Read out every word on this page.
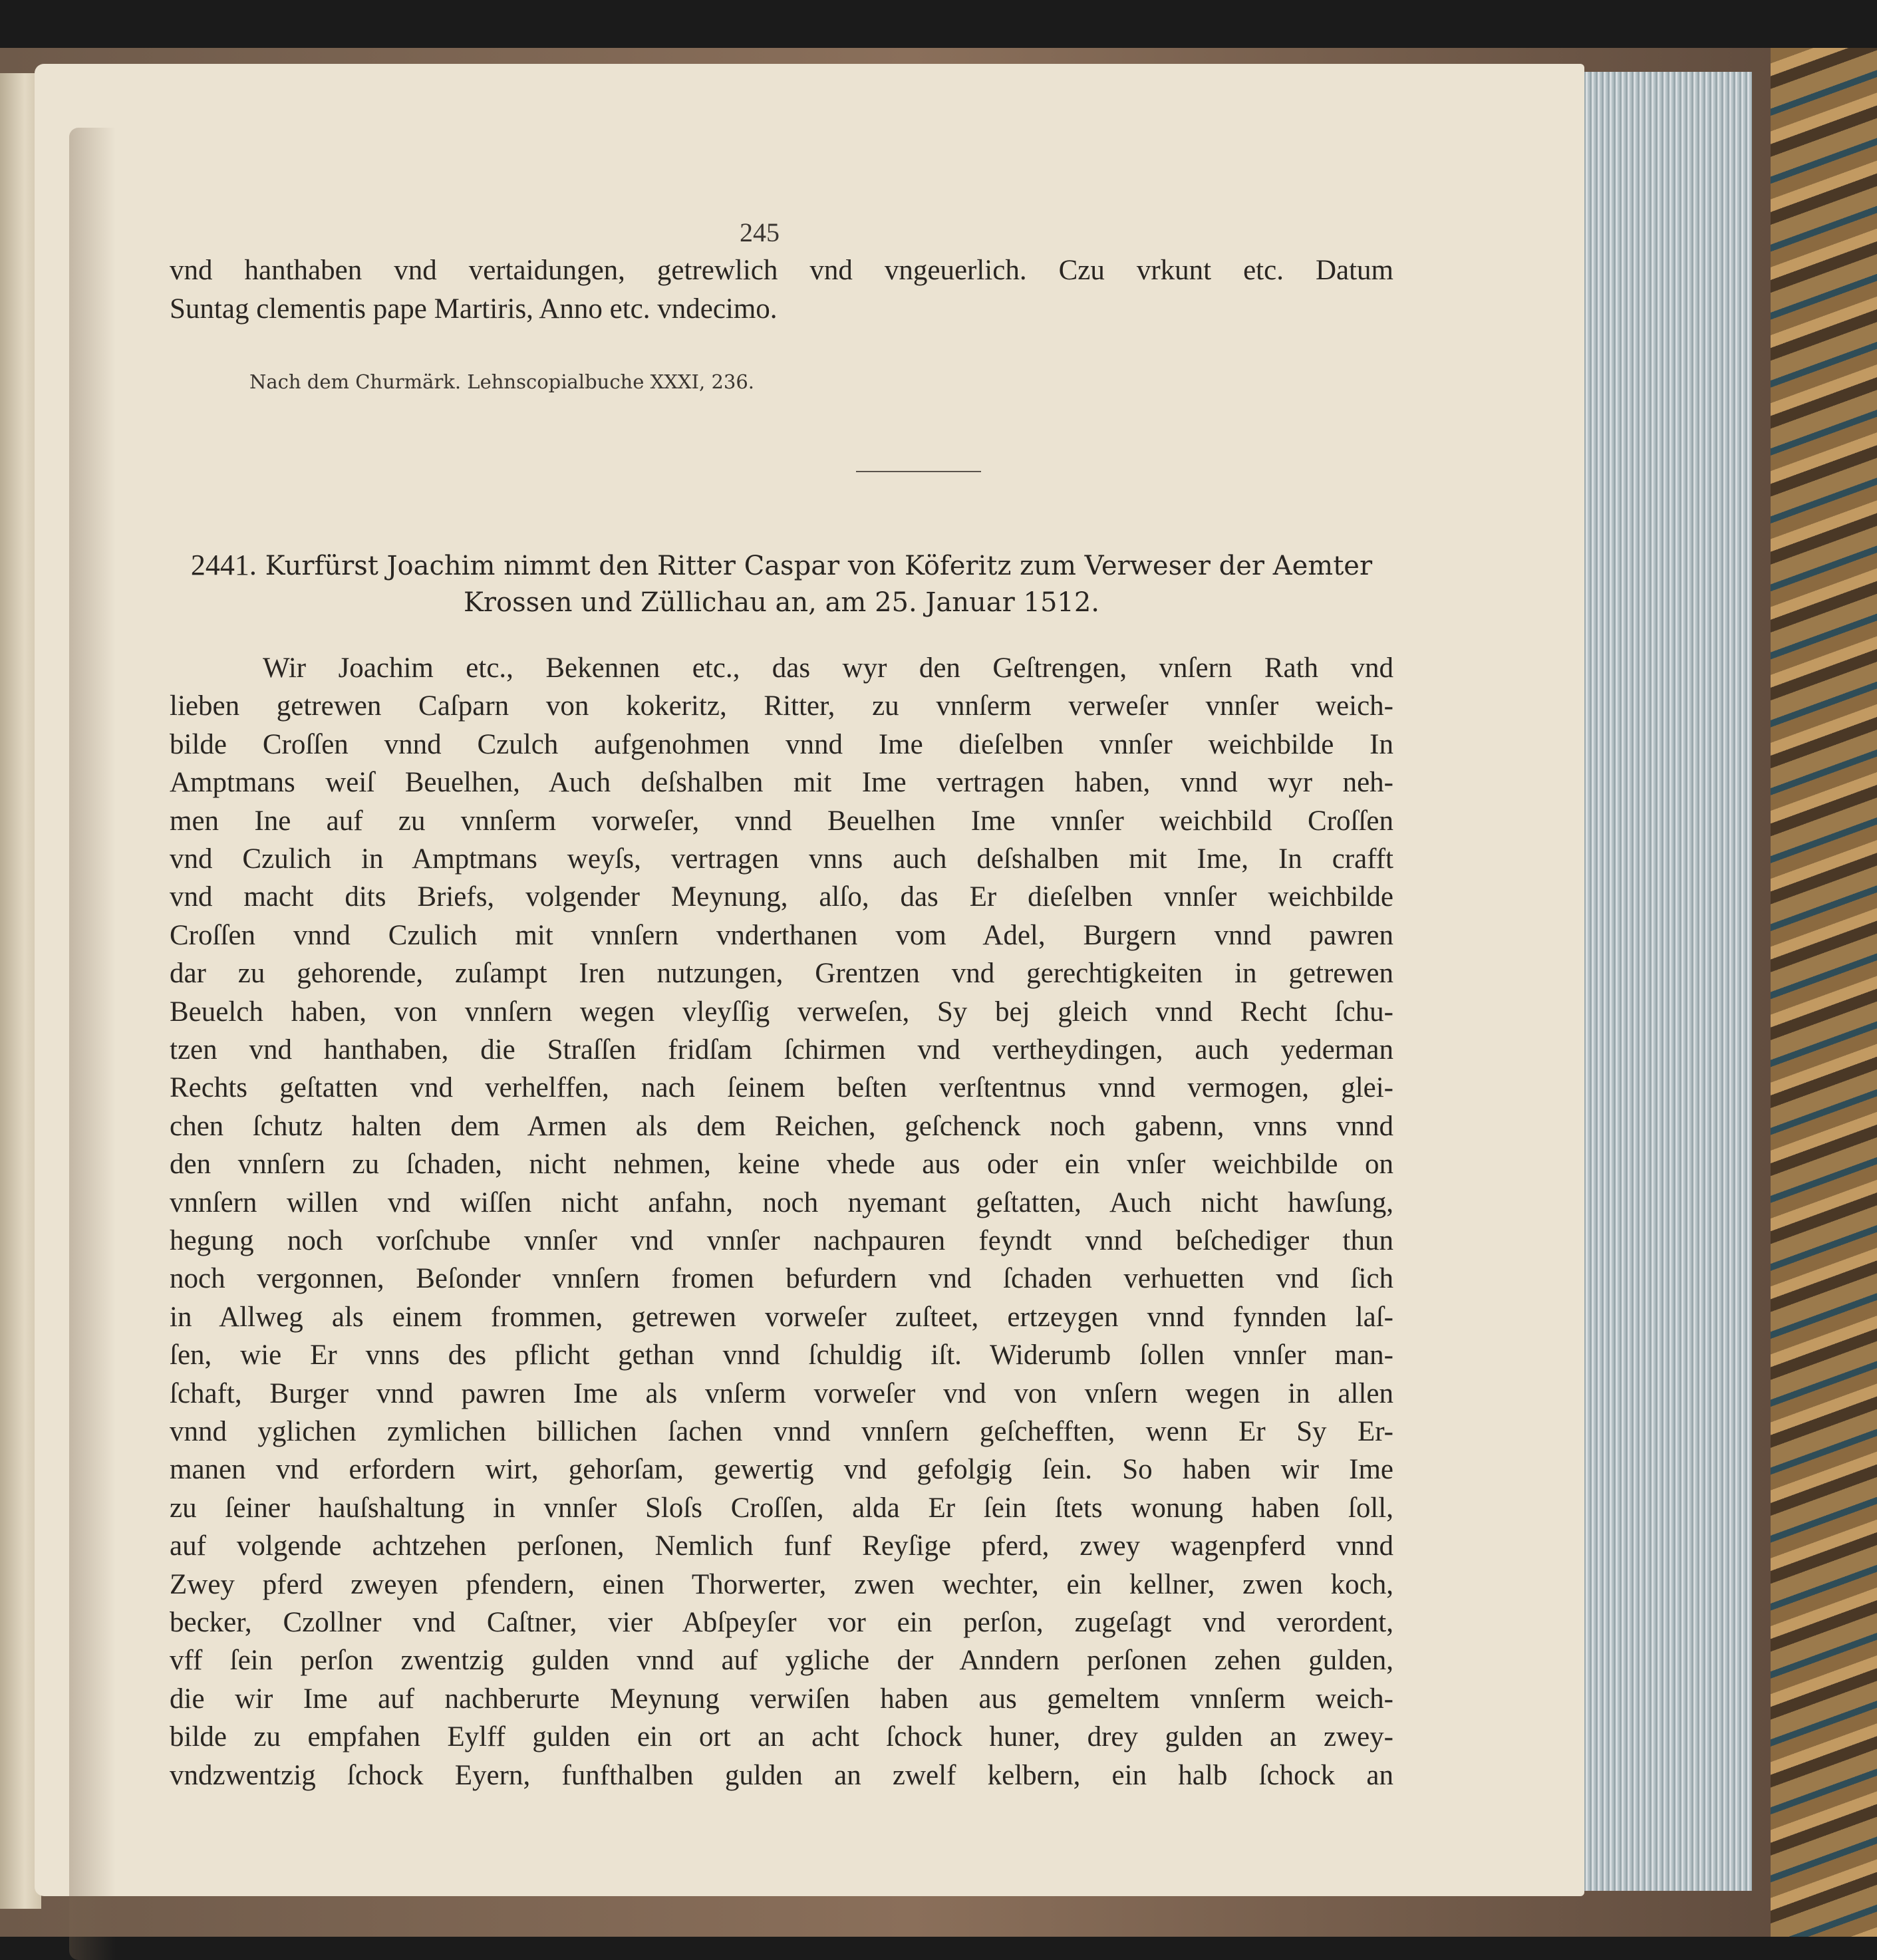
245
vnd hanthaben vnd vertaidungen, getrewlich vnd vngeuerlich. Czu vrkunt etc. Datum
Suntag clementis pape Martiris, Anno etc. vndecimo.
Nach dem Churmärk. Lehnscopialbuche XXXI, 236.
2441. Kurfürst Joachim nimmt den Ritter Caspar von Köferitz zum Verweser der Aemter
Krossen und Züllichau an, am 25. Januar 1512.
Wir Joachim etc., Bekennen etc., das wyr den Geſtrengen, vnſern Rath vnd
lieben getrewen Caſparn von kokeritz, Ritter, zu vnnſerm verweſer vnnſer weich-
bilde Croſſen vnnd Czulch aufgenohmen vnnd Ime dieſelben vnnſer weichbilde In
Amptmans weiſ Beuelhen, Auch deſshalben mit Ime vertragen haben, vnnd wyr neh-
men Ine auf zu vnnſerm vorweſer, vnnd Beuelhen Ime vnnſer weichbild Croſſen
vnd Czulich in Amptmans weyſs, vertragen vnns auch deſshalben mit Ime, In crafft
vnd macht dits Briefs, volgender Meynung, alſo, das Er dieſelben vnnſer weichbilde
Croſſen vnnd Czulich mit vnnſern vnderthanen vom Adel, Burgern vnnd pawren
dar zu gehorende, zuſampt Iren nutzungen, Grentzen vnd gerechtigkeiten in getrewen
Beuelch haben, von vnnſern wegen vleyſſig verweſen, Sy bej gleich vnnd Recht ſchu-
tzen vnd hanthaben, die Straſſen fridſam ſchirmen vnd vertheydingen, auch yederman
Rechts geſtatten vnd verhelffen, nach ſeinem beſten verſtentnus vnnd vermogen, glei-
chen ſchutz halten dem Armen als dem Reichen, geſchenck noch gabenn, vnns vnnd
den vnnſern zu ſchaden, nicht nehmen, keine vhede aus oder ein vnſer weichbilde on
vnnſern willen vnd wiſſen nicht anfahn, noch nyemant geſtatten, Auch nicht hawſung,
hegung noch vorſchube vnnſer vnd vnnſer nachpauren feyndt vnnd beſchediger thun
noch vergonnen, Beſonder vnnſern fromen befurdern vnd ſchaden verhuetten vnd ſich
in Allweg als einem frommen, getrewen vorweſer zuſteet, ertzeygen vnnd fynnden laſ-
ſen, wie Er vnns des pflicht gethan vnnd ſchuldig iſt. Widerumb ſollen vnnſer man-
ſchaft, Burger vnnd pawren Ime als vnſerm vorweſer vnd von vnſern wegen in allen
vnnd yglichen zymlichen billichen ſachen vnnd vnnſern geſchefften, wenn Er Sy Er-
manen vnd erfordern wirt, gehorſam, gewertig vnd gefolgig ſein. So haben wir Ime
zu ſeiner hauſshaltung in vnnſer Sloſs Croſſen, alda Er ſein ſtets wonung haben ſoll,
auf volgende achtzehen perſonen, Nemlich funf Reyſige pferd, zwey wagenpferd vnnd
Zwey pferd zweyen pfendern, einen Thorwerter, zwen wechter, ein kellner, zwen koch,
becker, Czollner vnd Caſtner, vier Abſpeyſer vor ein perſon, zugeſagt vnd verordent,
vff ſein perſon zwentzig gulden vnnd auf ygliche der Anndern perſonen zehen gulden,
die wir Ime auf nachberurte Meynung verwiſen haben aus gemeltem vnnſerm weich-
bilde zu empfahen Eylff gulden ein ort an acht ſchock huner, drey gulden an zwey-
vndzwentzig ſchock Eyern, funfthalben gulden an zwelf kelbern, ein halb ſchock an
